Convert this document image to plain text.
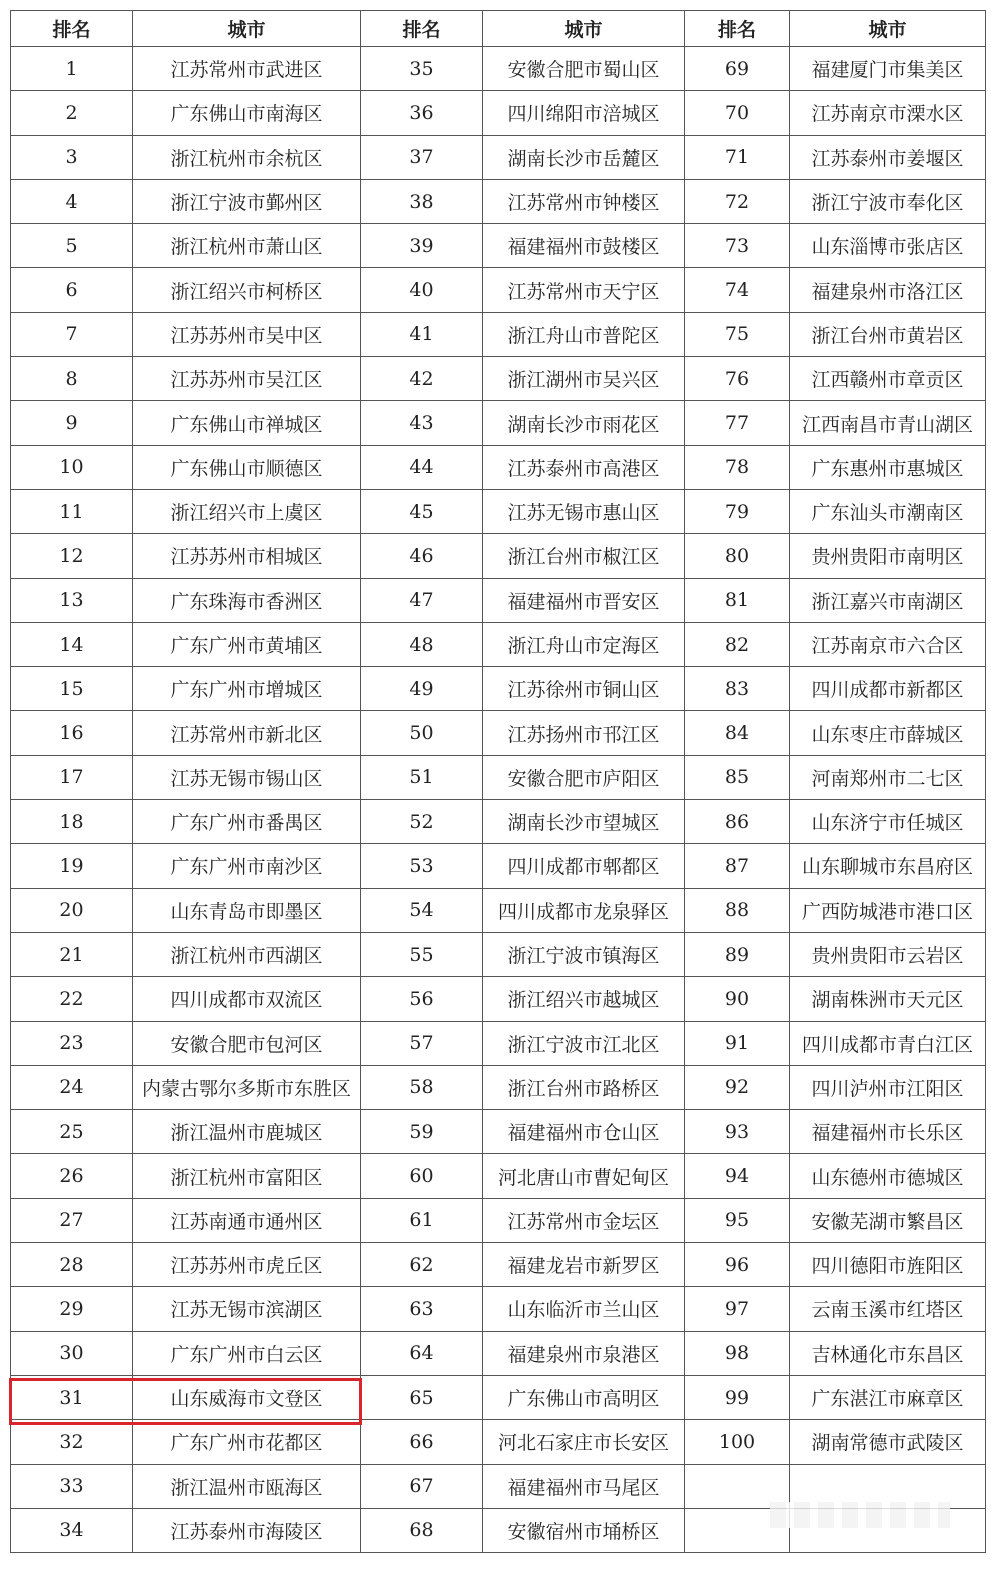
排名	城市	排名	城市	排名	城市
1	江苏常州市武进区	35	安徽合肥市蜀山区	69	福建厦门市集美区
2	广东佛山市南海区	36	四川绵阳市涪城区	70	江苏南京市溧水区
3	浙江杭州市余杭区	37	湖南长沙市岳麓区	71	江苏泰州市姜堰区
4	浙江宁波市鄞州区	38	江苏常州市钟楼区	72	浙江宁波市奉化区
5	浙江杭州市萧山区	39	福建福州市鼓楼区	73	山东淄博市张店区
6	浙江绍兴市柯桥区	40	江苏常州市天宁区	74	福建泉州市洛江区
7	江苏苏州市吴中区	41	浙江舟山市普陀区	75	浙江台州市黄岩区
8	江苏苏州市吴江区	42	浙江湖州市吴兴区	76	江西赣州市章贡区
9	广东佛山市禅城区	43	湖南长沙市雨花区	77	江西南昌市青山湖区
10	广东佛山市顺德区	44	江苏泰州市高港区	78	广东惠州市惠城区
11	浙江绍兴市上虞区	45	江苏无锡市惠山区	79	广东汕头市潮南区
12	江苏苏州市相城区	46	浙江台州市椒江区	80	贵州贵阳市南明区
13	广东珠海市香洲区	47	福建福州市晋安区	81	浙江嘉兴市南湖区
14	广东广州市黄埔区	48	浙江舟山市定海区	82	江苏南京市六合区
15	广东广州市增城区	49	江苏徐州市铜山区	83	四川成都市新都区
16	江苏常州市新北区	50	江苏扬州市邗江区	84	山东枣庄市薛城区
17	江苏无锡市锡山区	51	安徽合肥市庐阳区	85	河南郑州市二七区
18	广东广州市番禺区	52	湖南长沙市望城区	86	山东济宁市任城区
19	广东广州市南沙区	53	四川成都市郫都区	87	山东聊城市东昌府区
20	山东青岛市即墨区	54	四川成都市龙泉驿区	88	广西防城港市港口区
21	浙江杭州市西湖区	55	浙江宁波市镇海区	89	贵州贵阳市云岩区
22	四川成都市双流区	56	浙江绍兴市越城区	90	湖南株洲市天元区
23	安徽合肥市包河区	57	浙江宁波市江北区	91	四川成都市青白江区
24	内蒙古鄂尔多斯市东胜区	58	浙江台州市路桥区	92	四川泸州市江阳区
25	浙江温州市鹿城区	59	福建福州市仓山区	93	福建福州市长乐区
26	浙江杭州市富阳区	60	河北唐山市曹妃甸区	94	山东德州市德城区
27	江苏南通市通州区	61	江苏常州市金坛区	95	安徽芜湖市繁昌区
28	江苏苏州市虎丘区	62	福建龙岩市新罗区	96	四川德阳市旌阳区
29	江苏无锡市滨湖区	63	山东临沂市兰山区	97	云南玉溪市红塔区
30	广东广州市白云区	64	福建泉州市泉港区	98	吉林通化市东昌区
31	山东威海市文登区	65	广东佛山市高明区	99	广东湛江市麻章区
32	广东广州市花都区	66	河北石家庄市长安区	100	湖南常德市武陵区
33	浙江温州市瓯海区	67	福建福州市马尾区		
34	江苏泰州市海陵区	68	安徽宿州市埇桥区		
